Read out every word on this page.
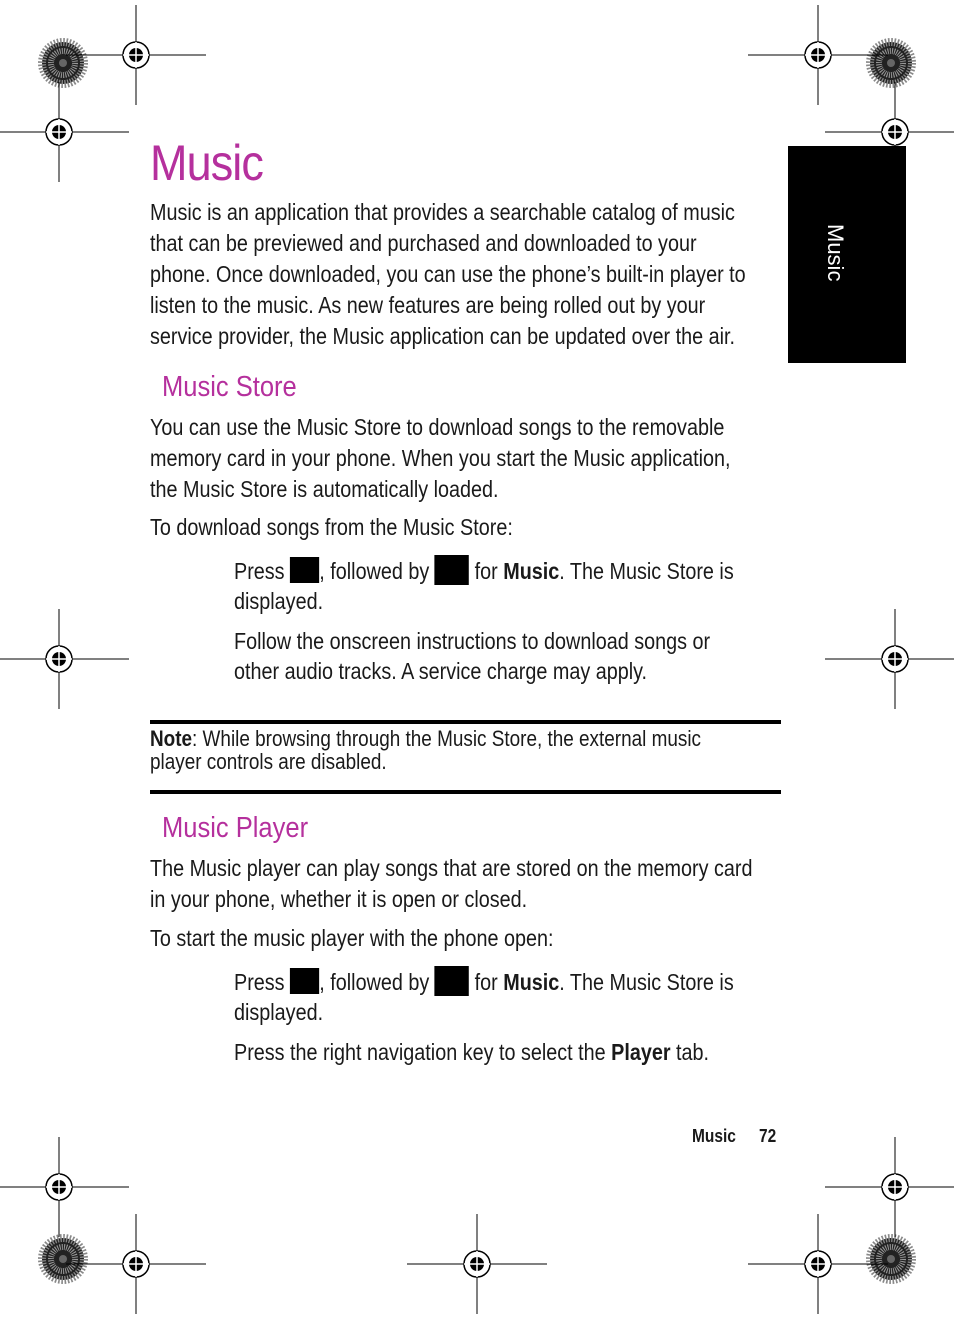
Music
Music
Music is an application that provides a searchable catalog of music
that can be previewed and purchased and downloaded to your
phone. Once downloaded, you can use the phone’s built-in player to
listen to the music. As new features are being rolled out by your
service provider, the Music application can be updated over the air.
Music Store
You can use the Music Store to download songs to the removable
memory card in your phone. When you start the Music application,
the Music Store is automatically loaded.
To download songs from the Music Store:
Press , followed by for Music. The Music Store is
displayed.
Follow the onscreen instructions to download songs or
other audio tracks. A service charge may apply.
Note: While browsing through the Music Store, the external music
player controls are disabled.
Music Player
The Music player can play songs that are stored on the memory card
in your phone, whether it is open or closed.
To start the music player with the phone open:
Press , followed by for Music. The Music Store is
displayed.
Press the right navigation key to select the Player tab.
Music 72
